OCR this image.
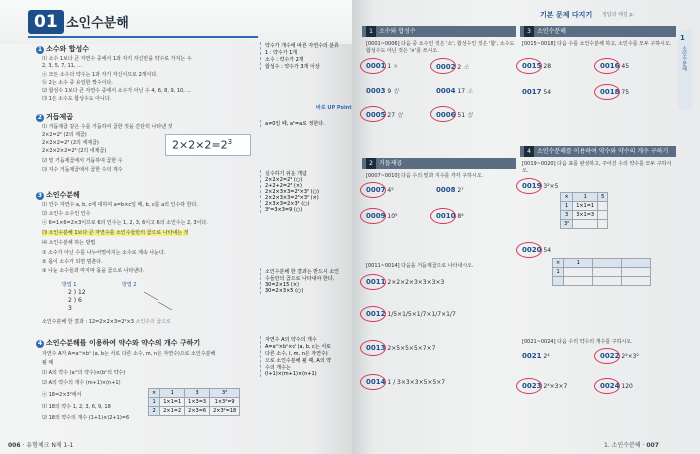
01 소인수분해
1 소수와 합성수
⑴ 소수 1보다 큰 자연수 중에서 1과 자기 자신만을 약수로 가지는 수
2, 3, 5, 7, 11, …
ⓐ 모든 소수의 약수는 1과 자기 자신이므로 2개이다.
ⓑ 2는 소수 중 유일한 짝수이다.
⑵ 합성수 1보다 큰 자연수 중에서 소수가 아닌 수 4, 6, 8, 9, 10, …
⑶ 1은 소수도 합성수도 아니다.
2 거듭제곱
⑴ 거듭제곱 같은 수를 거듭하여 곱한 것을 간단히 나타낸 것
2×2=2² (2의 제곱)
2×2×2=2³ (2의 세제곱)
2×2×2×2=2⁴ (2의 네제곱)
⑵ 밑 거듭제곱에서 거듭하여 곱한 수
⑶ 지수 거듭제곱에서 곱한 수의 개수
$2\times 2\times 2=2^3$
3 소인수분해
⑴ 인수 자연수 a, b, c에 대하여 a=b×c일 때, b, c를 a의 인수라 한다.
⑵ 소인수 소수인 인수
ⓐ 6=1×6=2×3이므로 6의 인수는 1, 2, 3, 6이고 6의 소인수는 2, 3이다.
⑶ 소인수분해 1보다 큰 자연수를 소인수들만의 곱으로 나타내는 것
⑷ 소인수분해 하는 방법
① 소수가 아닌 수를 나누어떨어지는 소수로 계속 나눈다.
② 몫이 소수가 되면 멈춘다.
③ 나눈 소수들과 마지막 몫을 곱으로 나타낸다.
방법 1	방법 2
2 ) 12
2 ) 6
3
소인수분해 한 결과 : 12=2×2×3=2²×3 소인수의 곱으로
4 소인수분해를 이용하여 약수와 약수의 개수 구하기
자연수 A가 A=aᵐ×bⁿ (a, b는 서로 다른 소수, m, n은 자연수)으로 소인수분해
될 때
⑴ A의 약수 (aᵐ의 약수)×(bⁿ의 약수)
⑵ A의 약수의 개수 (m+1)×(n+1)
ⓐ 18=2×3²에서
⑴ 18의 약수 1, 2, 3, 6, 9, 18
⑵ 18의 약수의 개수 (1+1)×(2+1)=6
×	1	3	3²
1	1×1=1	1×3=3	1×3²=9
2	2×1=2	2×3=6	2×3²=18
바로 UP Point
약수가 개수에 따른 자연수의 분류
1 : 약수가 1개
소수 : 약수가 2개
합성수 : 약수가 3개 이상
a≠0일 때, a¹=a로 정한다.
실수하기 쉬운 개념
2×2×2=2³ (○)
2+2+2=2³ (×)
2×2×3×3=2²×3² (○)
2×2×3×3=2³×3² (×)
2×3×3=2×3² (○)
3²=3×3=9 (○)
소인수분해 한 결과는 반드시 소인
수들만의 곱으로 나타내야 한다.
30=2×15 (×)
30=2×3×5 (○)
자연수 A의 약수의 개수
A=aᵐ×bⁿ×cˡ (a, b, c는 서로
다른 소수, l, m, n은 자연수)
으로 소인수분해 될 때, A의 약
수의 개수는
(l+1)×(m+1)×(n+1)
006 · 유형체크 N제 1-1
기본 문제 다지기 정답과 해설 p.
1 소수와 합성수
[0001~0006] 다음 중 소수인 것은 '소', 합성수인 것은 '합', 소수도 합성수도 아닌 것은 '×'를 쓰시오.
0001 1 ×	0002 2 소
0003 9 합	0004 17 소
0005 27 합	0006 51 합
2 거듭제곱
[0007~0010] 다음 수의 밑과 지수를 각각 구하시오.
0007 4⁵	0008 2⁷
0009 10⁹	0010 8⁶
[0011~0014] 다음을 거듭제곱으로 나타내시오.
0011 2×2×2×3×3×3×3
0012 1/5×1/5×1/7×1/7×1/7
0013 2×5×5×5×7×7
0014 1 / 3×3×3×5×5×7
3 소인수분해
[0015~0018] 다음 수를 소인수분해 하고, 소인수를 모두 구하시오.
0015 28	0016 45
0017 54	0018 75
4 소인수분해를 이용하여 약수와 약수의 개수 구하기
[0019~0020] 다음 표를 완성하고, 주어진 수의 약수를 모두 구하시오.
0019 3²×5
×	1	5
1	1×1=1	
3	3×1=3	
3²		
0020 54
×	1		
1			

[0021~0024] 다음 수의 약수의 개수를 구하시오.
0021 2⁴	0022 2²×3²
0023 2⁴×3×7	0024 120
1
소인수분해
1. 소인수분해 · 007
